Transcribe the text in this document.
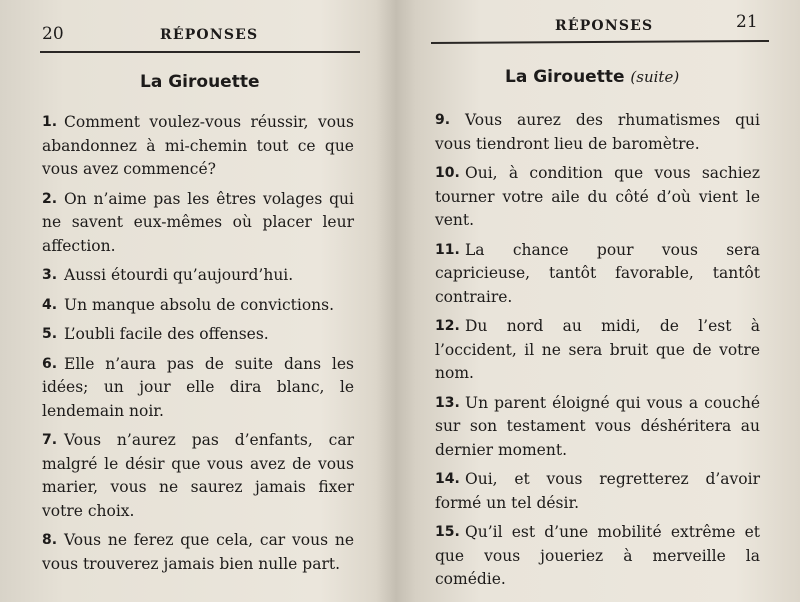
20	RÉPONSES
La Girouette
1. Comment voulez-vous réussir, vous abandonnez à mi-chemin tout ce que vous avez commencé?
2. On n’aime pas les êtres volages qui ne savent eux-mêmes où placer leur affection.
3. Aussi étourdi qu’aujourd’hui.
4. Un manque absolu de convictions.
5. L’oubli facile des offenses.
6. Elle n’aura pas de suite dans les idées; un jour elle dira blanc, le lendemain noir.
7. Vous n’aurez pas d’enfants, car malgré le désir que vous avez de vous marier, vous ne saurez jamais fixer votre choix.
8. Vous ne ferez que cela, car vous ne vous trouverez jamais bien nulle part.
RÉPONSES	21
La Girouette (suite)
9. Vous aurez des rhumatismes qui vous tiendront lieu de baromètre.
10. Oui, à condition que vous sachiez tourner votre aile du côté d’où vient le vent.
11. La chance pour vous sera capricieuse, tantôt favorable, tantôt contraire.
12. Du nord au midi, de l’est à l’occident, il ne sera bruit que de votre nom.
13. Un parent éloigné qui vous a couché sur son testament vous déshéritera au dernier moment.
14. Oui, et vous regretterez d’avoir formé un tel désir.
15. Qu’il est d’une mobilité extrême et que vous joueriez à merveille la comédie.
